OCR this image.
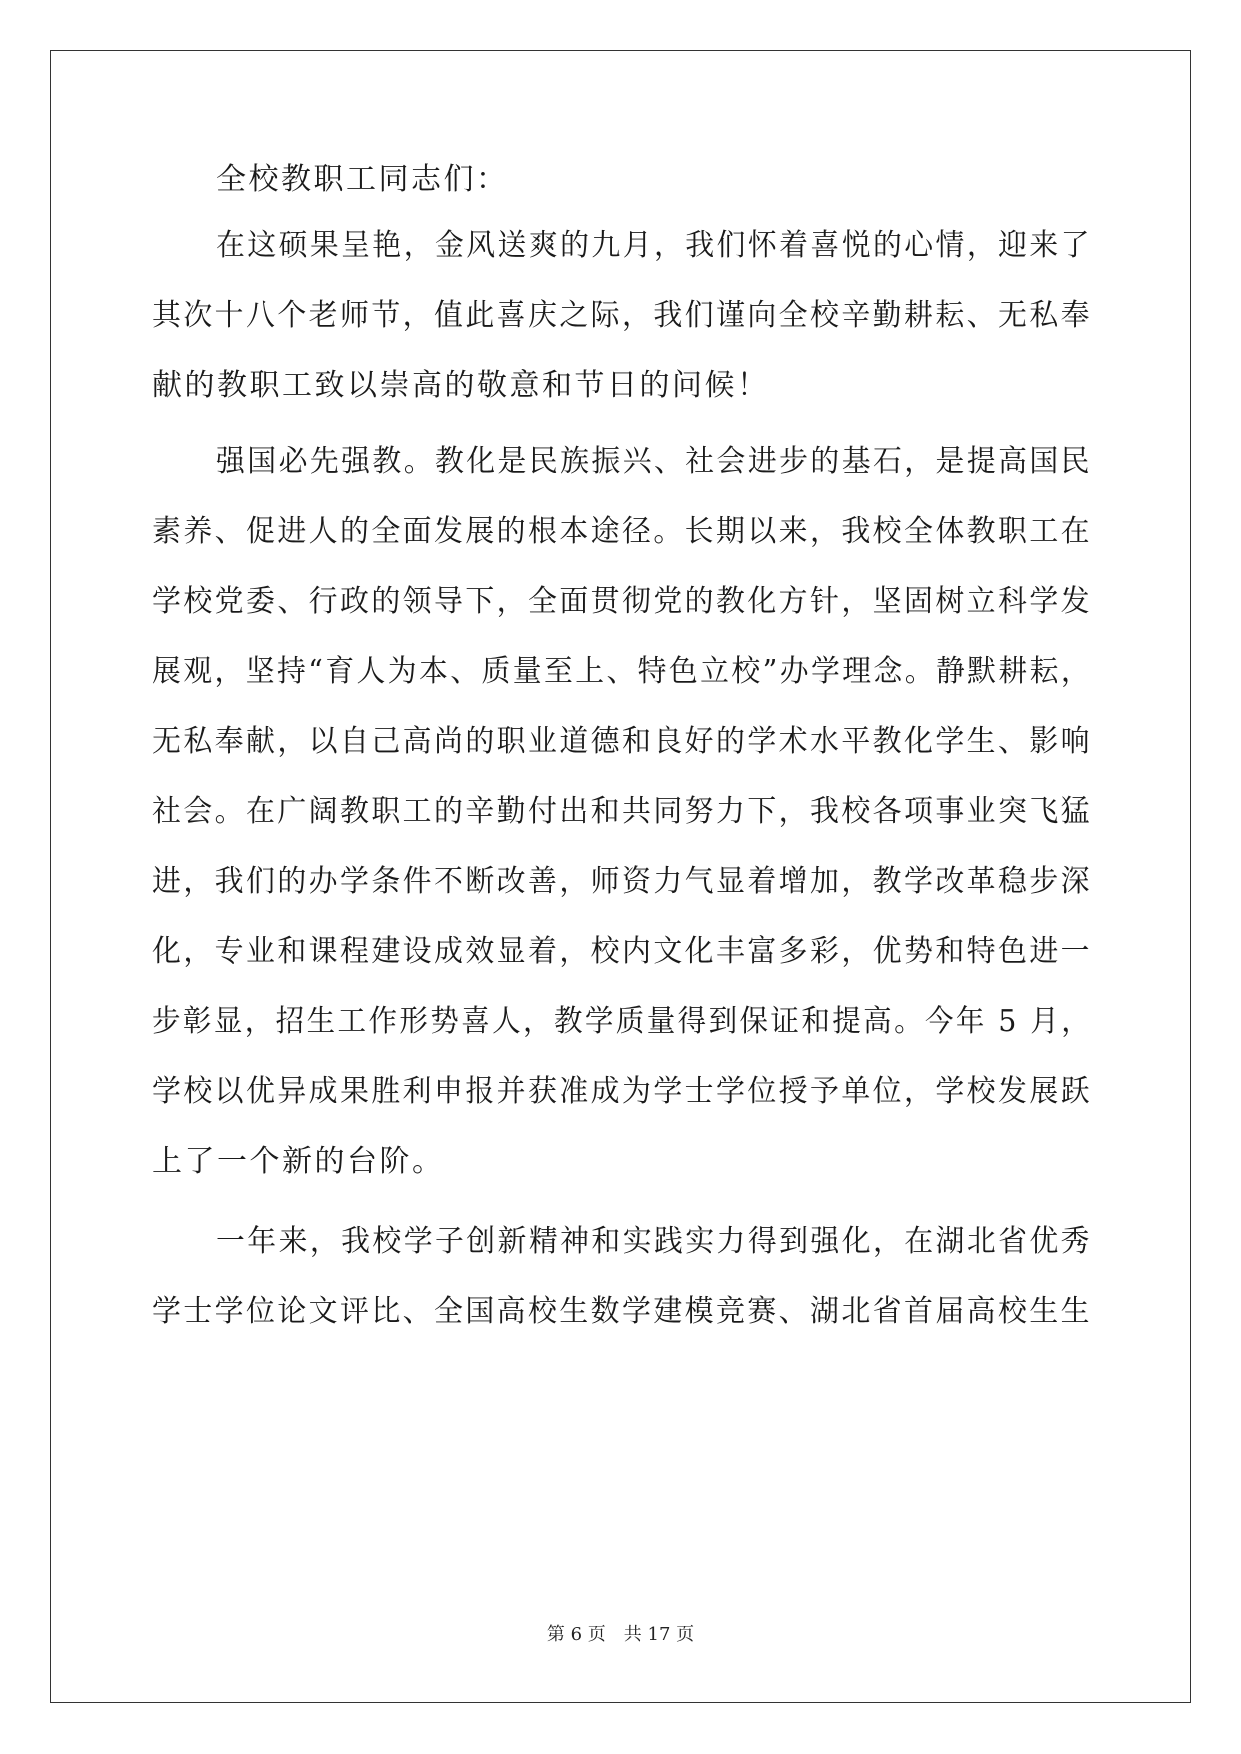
全校教职工同志们：
在这硕果呈艳，金风送爽的九月，我们怀着喜悦的心情，迎来了
其次十八个老师节，值此喜庆之际，我们谨向全校辛勤耕耘、无私奉
献的教职工致以崇高的敬意和节日的问候！
强国必先强教。教化是民族振兴、社会进步的基石，是提高国民
素养、促进人的全面发展的根本途径。长期以来，我校全体教职工在
学校党委、行政的领导下，全面贯彻党的教化方针，坚固树立科学发
展观，坚持“育人为本、质量至上、特色立校”办学理念。静默耕耘，
无私奉献，以自己高尚的职业道德和良好的学术水平教化学生、影响
社会。在广阔教职工的辛勤付出和共同努力下，我校各项事业突飞猛
进，我们的办学条件不断改善，师资力气显着增加，教学改革稳步深
化，专业和课程建设成效显着，校内文化丰富多彩，优势和特色进一
步彰显，招生工作形势喜人，教学质量得到保证和提高。今年 5 月，
学校以优异成果胜利申报并获准成为学士学位授予单位，学校发展跃
上了一个新的台阶。
一年来，我校学子创新精神和实践实力得到强化，在湖北省优秀
学士学位论文评比、全国高校生数学建模竞赛、湖北省首届高校生生
第 6 页　共 17 页
